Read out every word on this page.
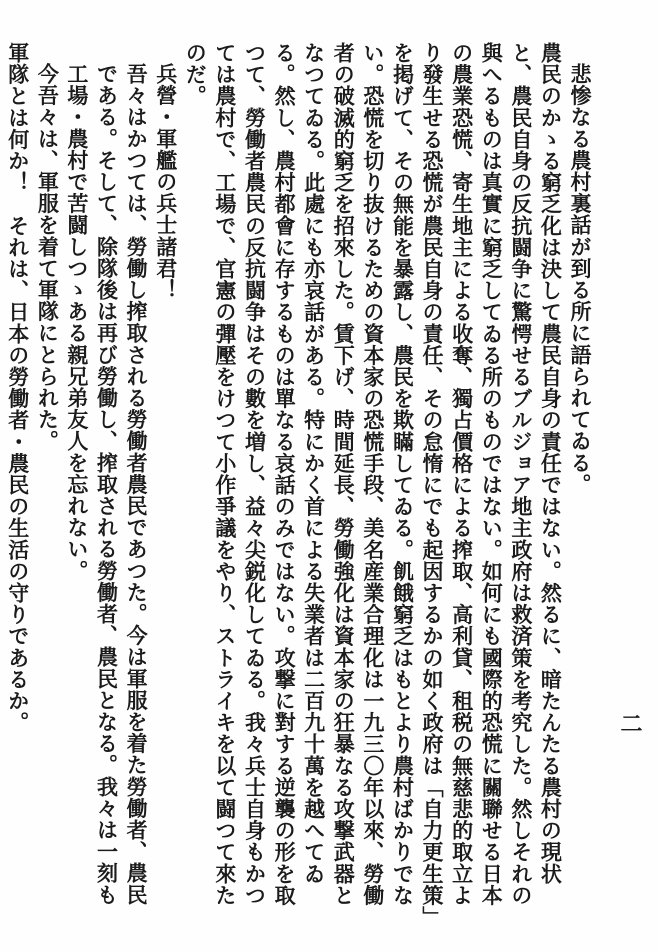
悲惨なる農村裏話が到る所に語られてゐる。

農民のかゝる窮乏化は決して農民自身の責任ではない。然るに、暗たんたる農村の現状と、農民自身の反抗闘争に驚愕せるブルジョア地主政府は救済策を考究した。然しそれの與へるものは真實に窮乏してゐる所のものではない。如何にも國際的恐慌に關聯せる日本の農業恐慌、寄生地主による收奪、獨占價格による搾取、高利貸、租税の無慈悲的取立より發生せる恐慌が農民自身の責任、その怠惰にでも起因するかの如く政府は「自力更生策」を掲げて、その無能を暴露し、農民を欺瞞してゐる。飢餓窮乏はもとより農村ばかりでない。恐慌を切り抜けるための資本家の恐慌手段、美名産業合理化は一九三〇年以來、勞働者の破滅的窮乏を招來した。賃下げ、時間延長、勞働強化は資本家の狂暴なる攻撃武器となつてゐる。此處にも亦哀話がある。特にかく首による失業者は二百九十萬を越へてゐる。然し、農村都會に存するものは單なる哀話のみではない。攻撃に對する逆襲の形を取つて、勞働者農民の反抗闘争はその數を増し、益々尖鋭化してゐる。我々兵士自身もかつては農村で、工場で、官憲の彈壓をけつて小作爭議をやり、ストライキを以て闘つて來たのだ。

兵營・軍艦の兵士諸君！

吾々はかつては、勞働し搾取される勞働者農民であつた。今は軍服を着た勞働者、農民である。そして、除隊後は再び勞働し、搾取される勞働者、農民となる。我々は一刻も工場・農村で苦闘しつゝある親兄弟友人を忘れない。

今吾々は、軍服を着て軍隊にとられた。

軍隊とは何か！　それは、日本の勞働者・農民の生活の守りであるか。	二
